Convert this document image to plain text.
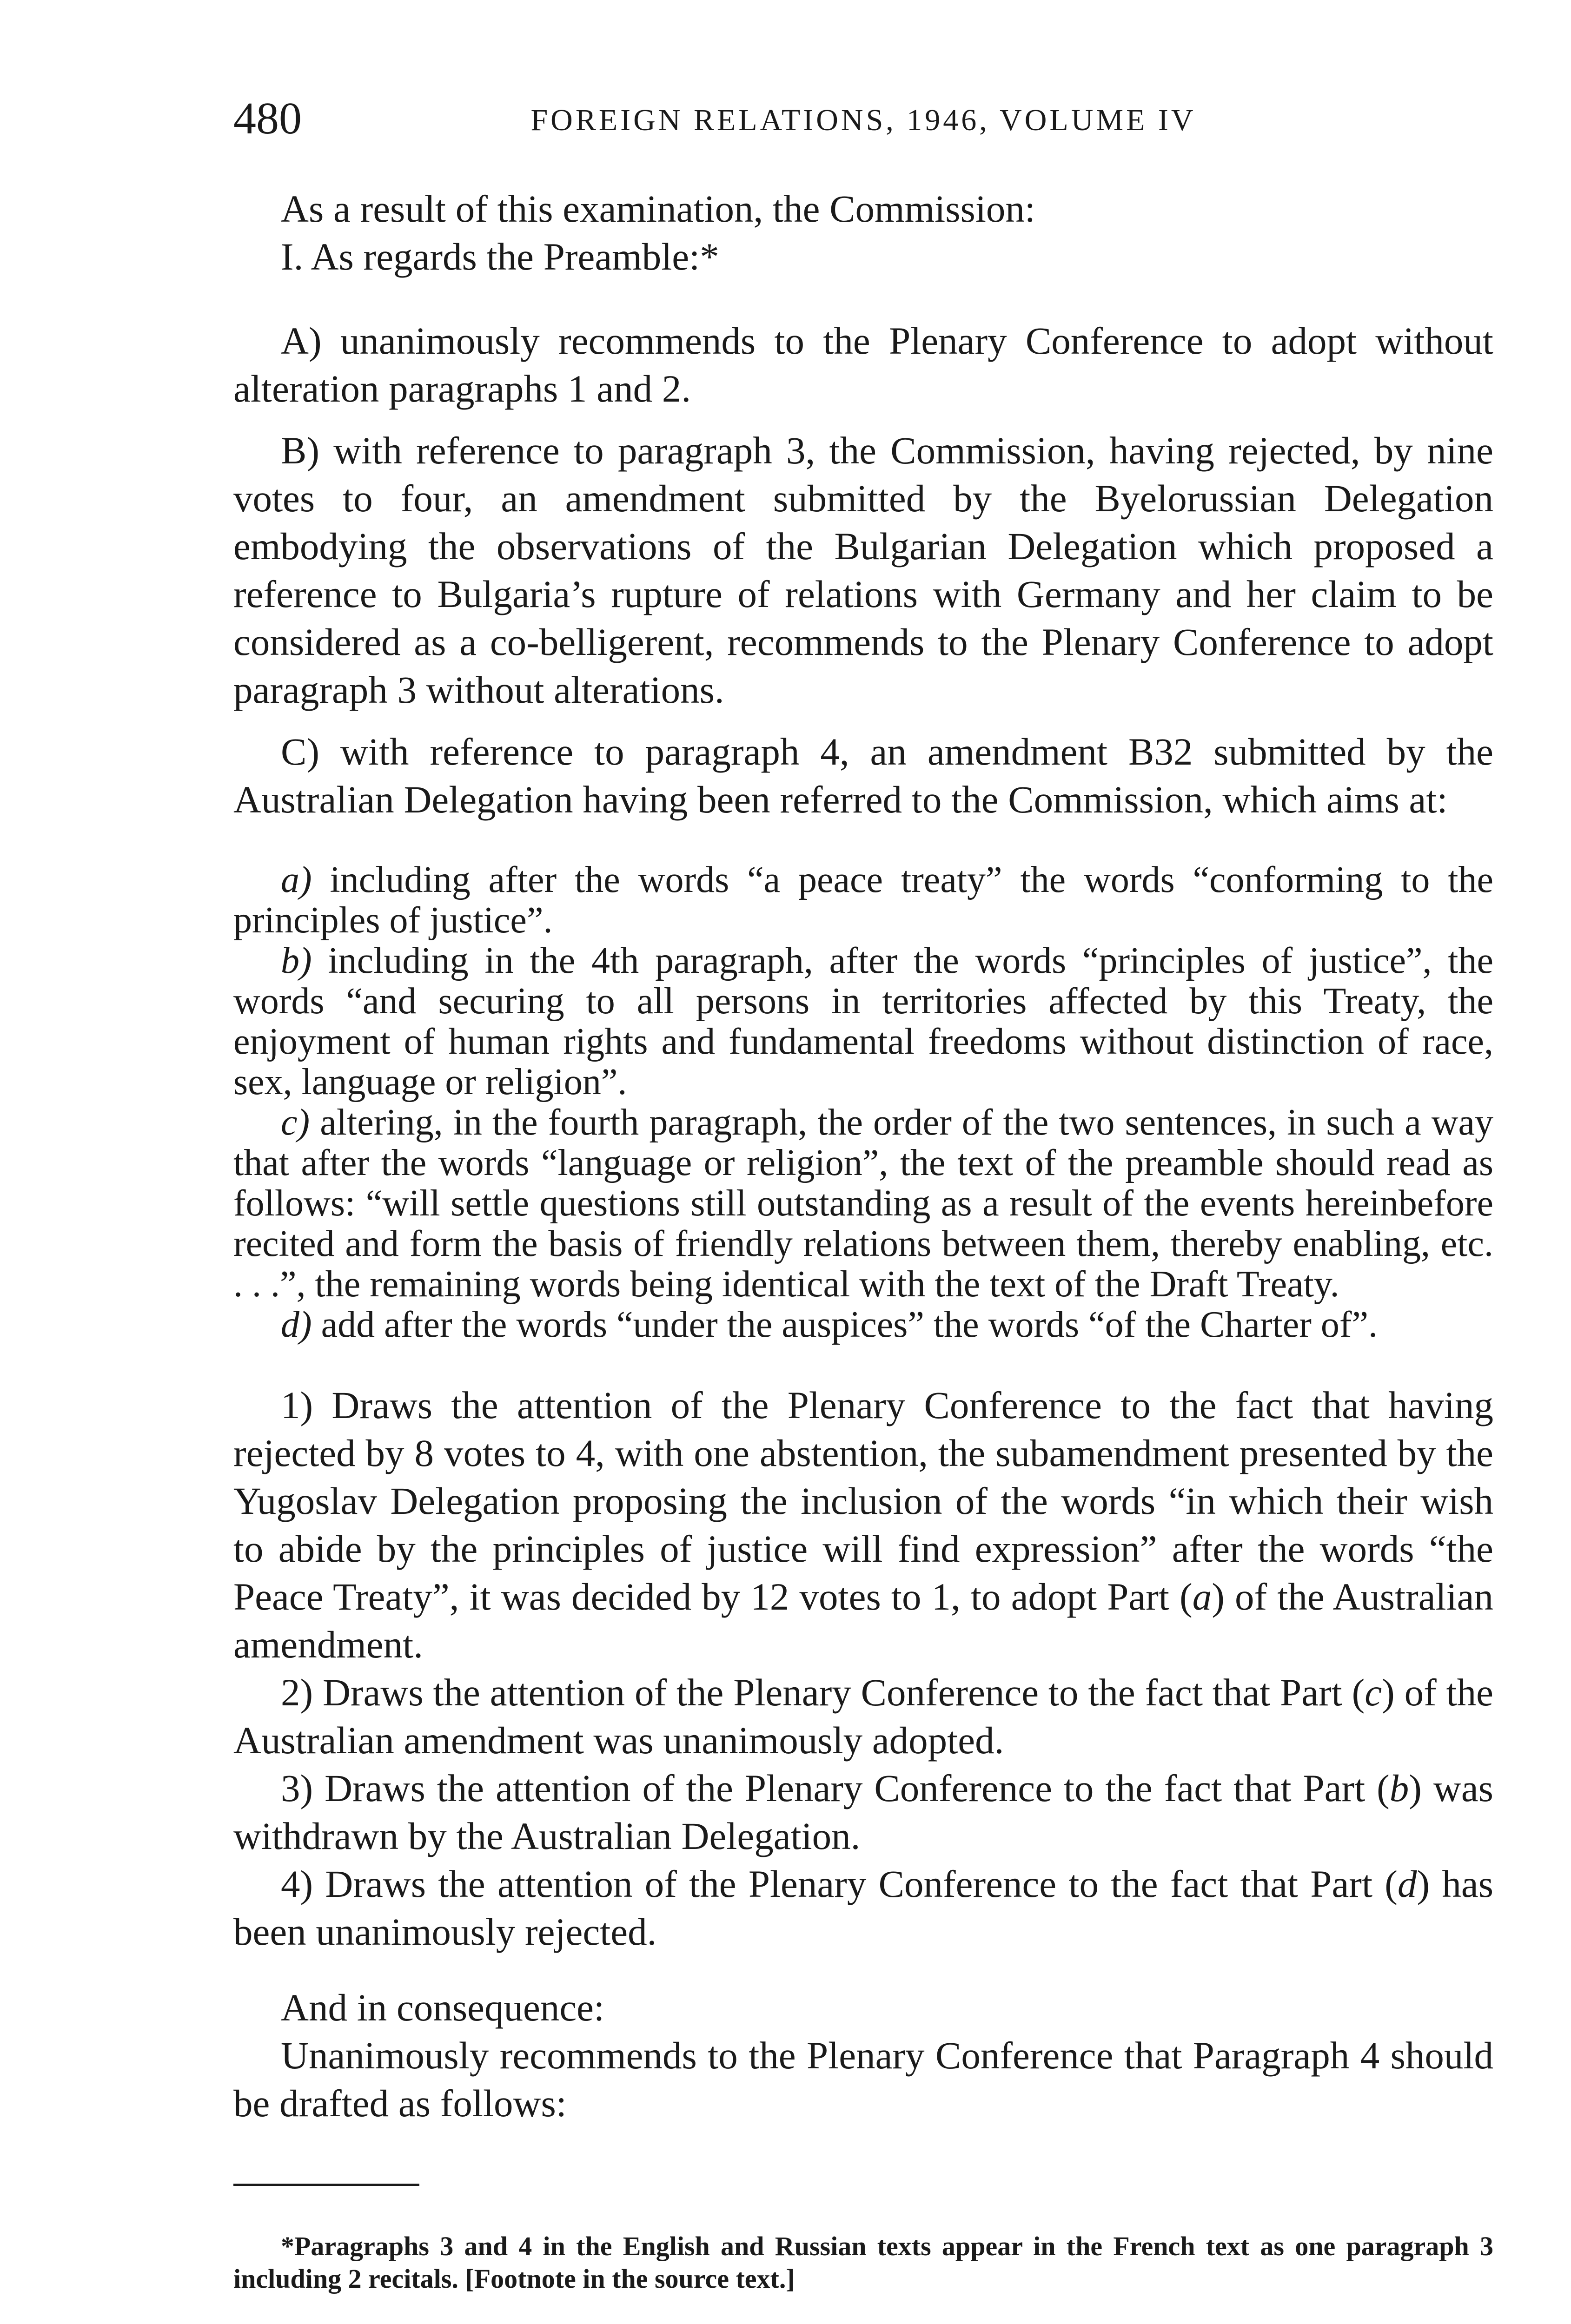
480	FOREIGN RELATIONS, 1946, VOLUME IV

As a result of this examination, the Commission:

I. As regards the Preamble:*

A) unanimously recommends to the Plenary Conference to adopt without alteration paragraphs 1 and 2.

B) with reference to paragraph 3, the Commission, having rejected, by nine votes to four, an amendment submitted by the Byelorussian Delegation embodying the observations of the Bulgarian Delegation which proposed a reference to Bulgaria’s rupture of relations with Germany and her claim to be considered as a co-belligerent, recommends to the Plenary Conference to adopt paragraph 3 without alterations.

C) with reference to paragraph 4, an amendment B32 submitted by the Australian Delegation having been referred to the Commission, which aims at:

a) including after the words “a peace treaty” the words “conforming to the principles of justice”.

b) including in the 4th paragraph, after the words “principles of justice”, the words “and securing to all persons in territories affected by this Treaty, the enjoyment of human rights and fundamental freedoms without distinction of race, sex, language or religion”.

c) altering, in the fourth paragraph, the order of the two sentences, in such a way that after the words “language or religion”, the text of the preamble should read as follows: “will settle questions still outstanding as a result of the events hereinbefore recited and form the basis of friendly relations between them, thereby enabling, etc. . . .”, the remaining words being identical with the text of the Draft Treaty.

d) add after the words “under the auspices” the words “of the Charter of”.

1) Draws the attention of the Plenary Conference to the fact that having rejected by 8 votes to 4, with one abstention, the subamendment presented by the Yugoslav Delegation proposing the inclusion of the words “in which their wish to abide by the principles of justice will find expression” after the words “the Peace Treaty”, it was decided by 12 votes to 1, to adopt Part (a) of the Australian amendment.

2) Draws the attention of the Plenary Conference to the fact that Part (c) of the Australian amendment was unanimously adopted.

3) Draws the attention of the Plenary Conference to the fact that Part (b) was withdrawn by the Australian Delegation.

4) Draws the attention of the Plenary Conference to the fact that Part (d) has been unanimously rejected.

And in consequence:

Unanimously recommends to the Plenary Conference that Paragraph 4 should be drafted as follows:

*Paragraphs 3 and 4 in the English and Russian texts appear in the French text as one paragraph 3 including 2 recitals. [Footnote in the source text.]
